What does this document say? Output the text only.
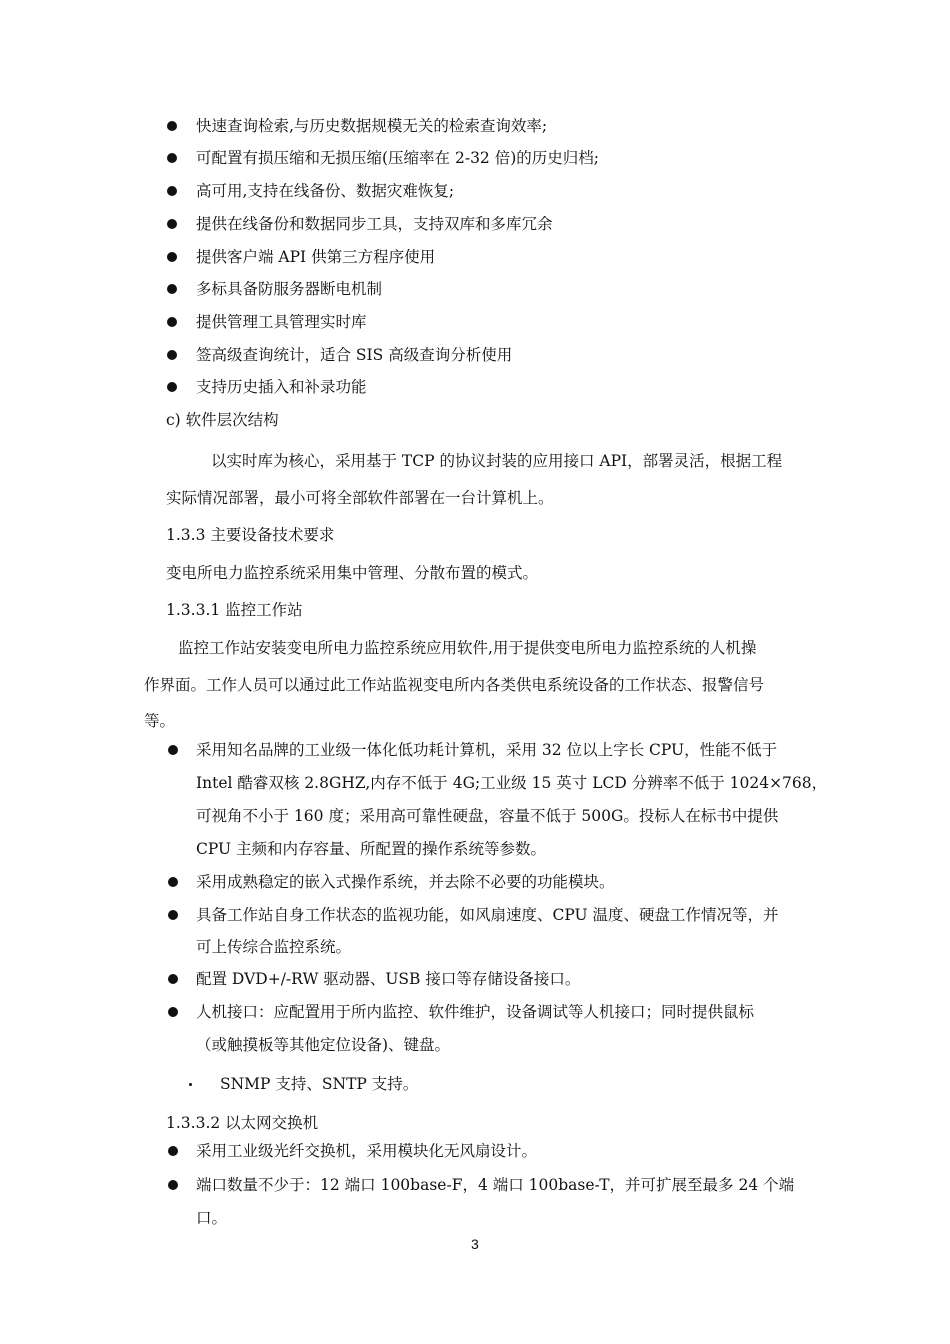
快速查询检索,与历史数据规模无关的检索查询效率;
可配置有损压缩和无损压缩(压缩率在 2-32 倍)的历史归档;
高可用,支持在线备份、数据灾难恢复;
提供在线备份和数据同步工具，支持双库和多库冗余
提供客户端 API 供第三方程序使用
多标具备防服务器断电机制
提供管理工具管理实时库
签高级查询统计，适合 SIS 高级查询分析使用
支持历史插入和补录功能
c) 软件层次结构
以实时库为核心，采用基于 TCP 的协议封装的应用接口 API，部署灵活，根据工程
实际情况部署，最小可将全部软件部署在一台计算机上。
1.3.3 主要设备技术要求
变电所电力监控系统采用集中管理、分散布置的模式。
1.3.3.1 监控工作站
监控工作站安装变电所电力监控系统应用软件,用于提供变电所电力监控系统的人机操
作界面。工作人员可以通过此工作站监视变电所内各类供电系统设备的工作状态、报警信号
等。
采用知名品牌的工业级一体化低功耗计算机，采用 32 位以上字长 CPU，性能不低于
Intel 酷睿双核 2.8GHZ,内存不低于 4G;工业级 15 英寸 LCD 分辨率不低于 1024×768，
可视角不小于 160 度；采用高可靠性硬盘，容量不低于 500G。投标人在标书中提供
CPU 主频和内存容量、所配置的操作系统等参数。
采用成熟稳定的嵌入式操作系统，并去除不必要的功能模块。
具备工作站自身工作状态的监视功能，如风扇速度、CPU 温度、硬盘工作情况等，并
可上传综合监控系统。
配置 DVD+/-RW 驱动器、USB 接口等存储设备接口。
人机接口：应配置用于所内监控、软件维护，设备调试等人机接口；同时提供鼠标
（或触摸板等其他定位设备)、键盘。
SNMP 支持、SNTP 支持。
1.3.3.2 以太网交换机
采用工业级光纤交换机，采用模块化无风扇设计。
端口数量不少于：12 端口 100base-F，4 端口 100base-T，并可扩展至最多 24 个端
口。
3
